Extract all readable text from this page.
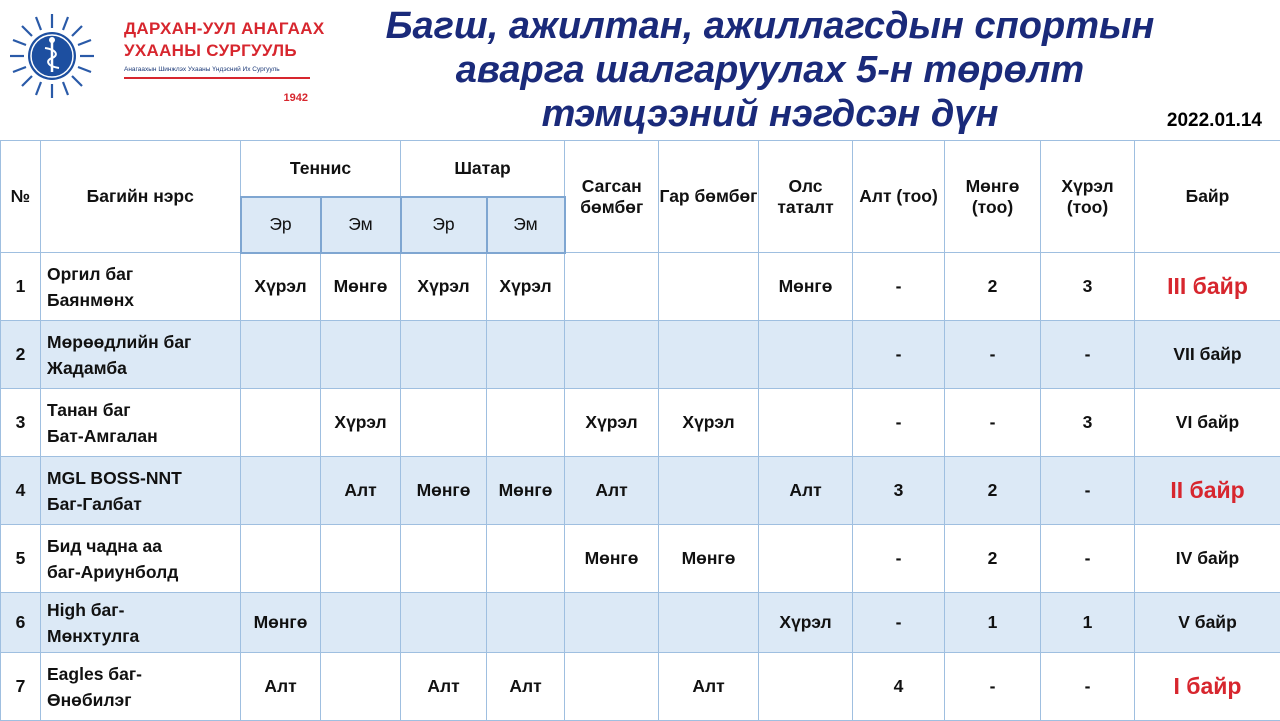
ДАРХАН-УУЛ АНАГААХ
УХААНЫ СУРГУУЛЬ
Анагаахын Шинжлэх Ухааны Үндэсний Их Сургууль
1942
Багш, ажилтан, ажиллагсдын спортын
аварга шалгаруулах 5-н төрөлт
тэмцээний нэгдсэн дүн	2022.01.14
№	Багийн нэрс	Теннис		Шатар		Сагсан бөмбөг	Гар бөмбөг	Олс таталт	Алт (тоо)	Мөнгө (тоо)	Хүрэл (тоо)	Байр
		Эр	Эм	Эр	Эм							
1	Оргил баг
Баянмөнх	Хүрэл	Мөнгө	Хүрэл	Хүрэл			Мөнгө	-	2	3	III байр
2	Мөрөөдлийн баг
Жадамба								-	-	-	VII байр
3	Танан баг
Бат-Амгалан		Хүрэл			Хүрэл	Хүрэл		-	-	3	VI байр
4	MGL BOSS-NNT
Баг-Галбат		Алт	Мөнгө	Мөнгө	Алт		Алт	3	2	-	II байр
5	Бид чадна аа
баг-Ариунболд					Мөнгө	Мөнгө		-	2	-	IV байр
6	High баг-
Мөнхтулга	Мөнгө						Хүрэл	-	1	1	V байр
7	Eagles баг-
Өнөбилэг	Алт		Алт	Алт		Алт		4	-	-	I байр
